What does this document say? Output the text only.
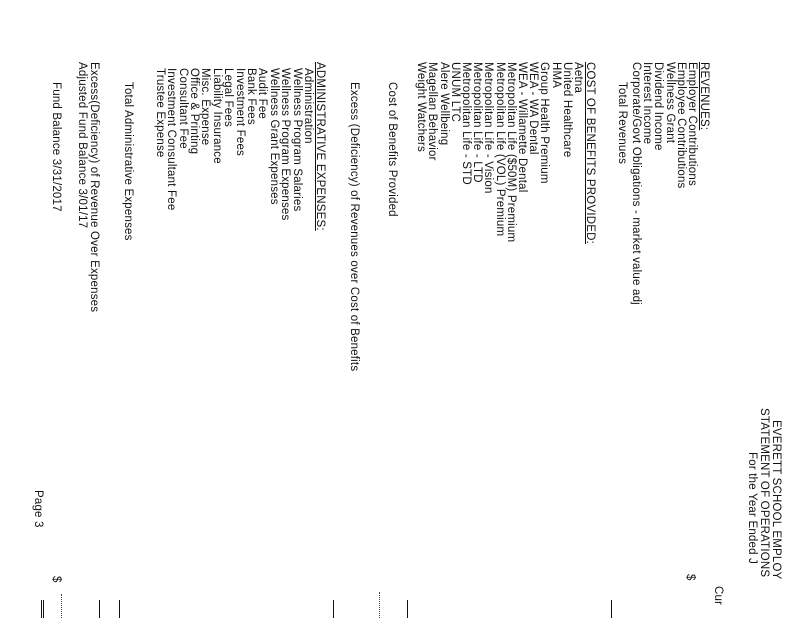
EVERETT SCHOOL EMPLOY
STATEMENT OF OPERATIONS
For the Year Ended J
Cur
REVENUES:
Employer Contributions
Employee Contributions
Wellness Grant
Dividend Income
Interest Income
Corporate/Govt Obligations - market value adj
Total Revenues
$
COST OF BENEFITS PROVIDED:
Aetna
United Healthcare
HMA
Group Health Premium
WEA - WA Dental
WEA - Willamette Dental
Metropolitan Life ($50M) Premium
Metropolitan Life (VOL) Premium
Metropolitan Life - Vision
Metropolitan Life - LTD
Metropolitan Life - STD
UNUM LTC
Alere Wellbeing
Magellan Behavior
Weight Watchers
Cost of Benefits Provided
Excess (Deficiency) of Revenues over Cost of Benefits
ADMINISTRATIVE EXPENSES:
Administration
Wellness Program Salaries
Wellness Program Expenses
Wellness Grant Expenses
Audit Fee
Bank Fees
Investment Fees
Legal Fees
Liability Insurance
Misc. Expense
Office & Printing
Consultant Fee
Investment Consultant Fee
Trustee Expense
Total Administrative Expenses
Excess(Deficiency) of Revenue Over Expenses
Adjusted Fund Balance 3/01/17
Fund Balance 3/31/2017
$
Page 3
